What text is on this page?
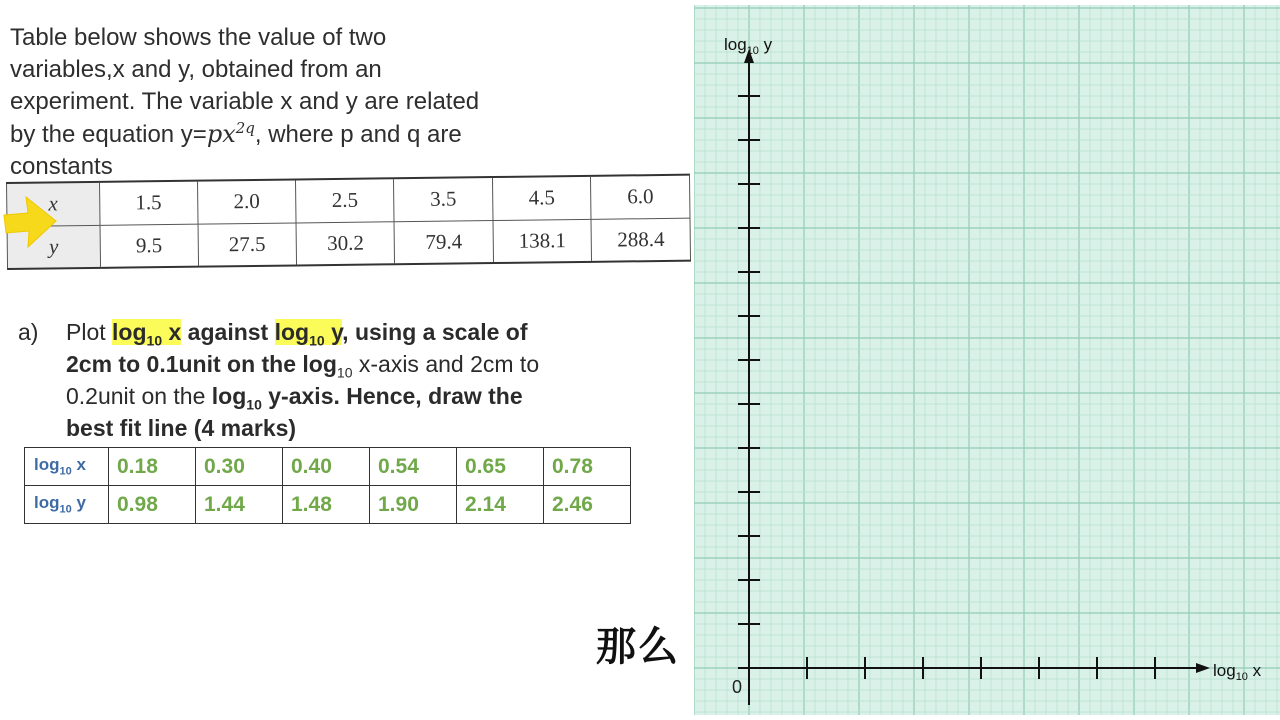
Table below shows the value of two
variables,x and y, obtained from an
experiment. The variable x and y are related
by the equation $y=px^{2q}$, where p and q are
constants
x	1.5	2.0	2.5	3.5	4.5	6.0
y	9.5	27.5	30.2	79.4	138.1	288.4
a) Plot $\log_{10} x$ against $\log_{10} y$, using a scale of
2cm to 0.1unit on the $\log_{10}$ x-axis and 2cm to
0.2unit on the $\log_{10}$ y-axis. Hence, draw the
best fit line (4 marks)
$\log_{10} x$	0.18	0.30	0.40	0.54	0.65	0.78
$\log_{10} y$	0.98	1.44	1.48	1.90	2.14	2.46
$\log_{10} y$
$\log_{10} x$
0
那么
